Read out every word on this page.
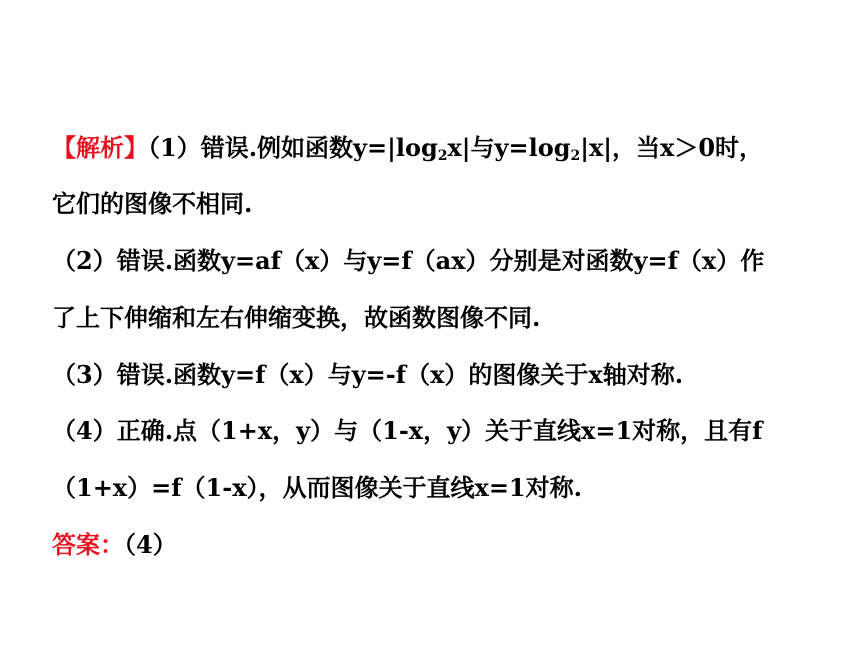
【解析】（1）错误.例如函数$y=|\log_2x|$与$y=\log_2|x|$，当x＞0时，
它们的图像不相同.
（2）错误.函数y=af（x）与y=f（ax）分别是对函数y=f（x）作
了上下伸缩和左右伸缩变换，故函数图像不同.
（3）错误.函数y=f（x）与y=-f（x）的图像关于x轴对称.
（4）正确.点（1+x，y）与（1-x，y）关于直线x=1对称，且有f
（1+x）=f（1-x），从而图像关于直线x=1对称.
答案：（4）
